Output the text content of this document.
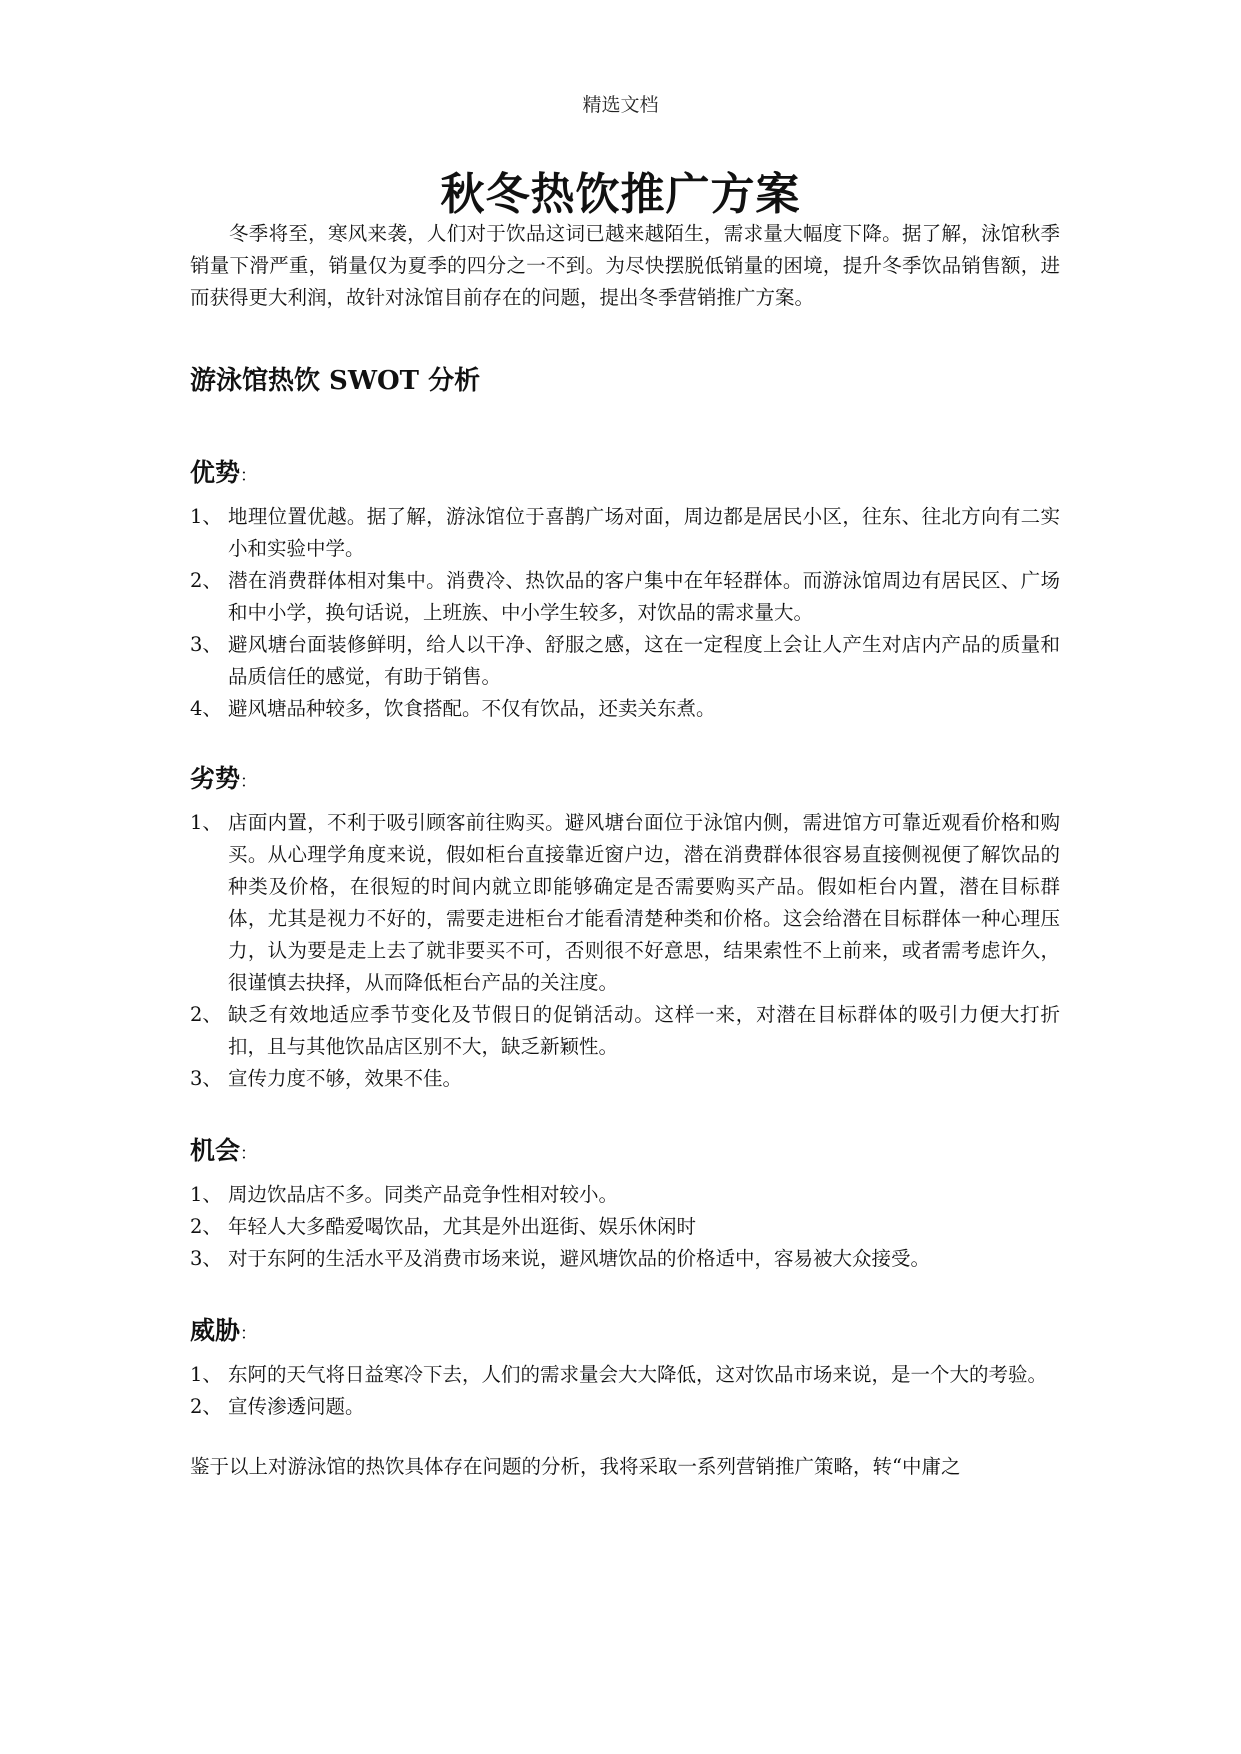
精选文档
秋冬热饮推广方案

冬季将至，寒风来袭，人们对于饮品这词已越来越陌生，需求量大幅度下降。据了解，泳馆秋季销量下滑严重，销量仅为夏季的四分之一不到。为尽快摆脱低销量的困境，提升冬季饮品销售额，进而获得更大利润，故针对泳馆目前存在的问题，提出冬季营销推广方案。

游泳馆热饮 SWOT 分析
优势：
1、 地理位置优越。据了解，游泳馆位于喜鹊广场对面，周边都是居民小区，往东、往北方向有二实小和实验中学。
2、 潜在消费群体相对集中。消费冷、热饮品的客户集中在年轻群体。而游泳馆周边有居民区、广场和中小学，换句话说，上班族、中小学生较多，对饮品的需求量大。
3、 避风塘台面装修鲜明，给人以干净、舒服之感，这在一定程度上会让人产生对店内产品的质量和品质信任的感觉，有助于销售。
4、 避风塘品种较多，饮食搭配。不仅有饮品，还卖关东煮。
劣势：
1、 店面内置，不利于吸引顾客前往购买。避风塘台面位于泳馆内侧，需进馆方可靠近观看价格和购买。从心理学角度来说，假如柜台直接靠近窗户边，潜在消费群体很容易直接侧视便了解饮品的种类及价格，在很短的时间内就立即能够确定是否需要购买产品。假如柜台内置，潜在目标群体，尤其是视力不好的，需要走进柜台才能看清楚种类和价格。这会给潜在目标群体一种心理压力，认为要是走上去了就非要买不可，否则很不好意思，结果索性不上前来，或者需考虑许久，很谨慎去抉择，从而降低柜台产品的关注度。
2、 缺乏有效地适应季节变化及节假日的促销活动。这样一来，对潜在目标群体的吸引力便大打折扣，且与其他饮品店区别不大，缺乏新颖性。
3、 宣传力度不够，效果不佳。
机会：
1、 周边饮品店不多。同类产品竞争性相对较小。
2、 年轻人大多酷爱喝饮品，尤其是外出逛街、娱乐休闲时
3、 对于东阿的生活水平及消费市场来说，避风塘饮品的价格适中，容易被大众接受。
威胁：
1、 东阿的天气将日益寒冷下去，人们的需求量会大大降低，这对饮品市场来说，是一个大的考验。
2、 宣传渗透问题。

鉴于以上对游泳馆的热饮具体存在问题的分析，我将采取一系列营销推广策略，转“中庸之
